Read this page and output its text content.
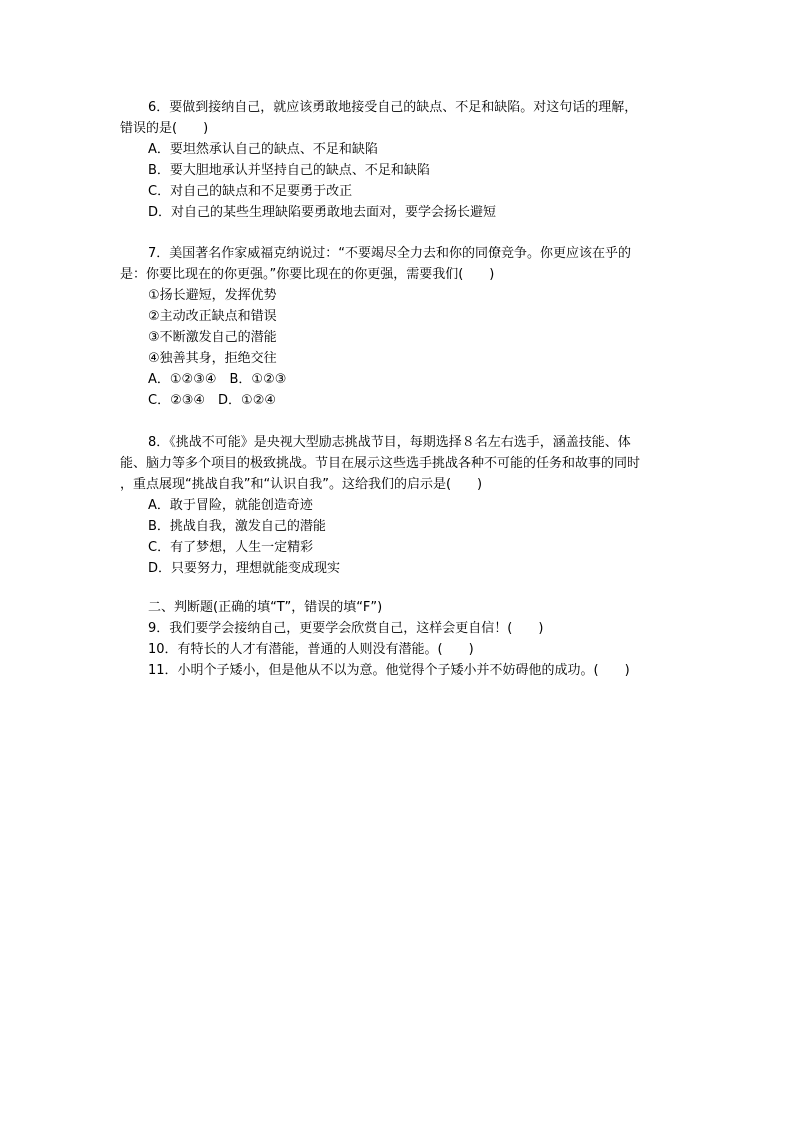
6．要做到接纳自己，就应该勇敢地接受自己的缺点、不足和缺陷。对这句话的理解，
错误的是(　　)
A．要坦然承认自己的缺点、不足和缺陷
B．要大胆地承认并坚持自己的缺点、不足和缺陷
C．对自己的缺点和不足要勇于改正
D．对自己的某些生理缺陷要勇敢地去面对，要学会扬长避短
7．美国著名作家威福克纳说过：“不要竭尽全力去和你的同僚竞争。你更应该在乎的
是：你要比现在的你更强。”你要比现在的你更强，需要我们(　　)
①扬长避短，发挥优势
②主动改正缺点和错误
③不断激发自己的潜能
④独善其身，拒绝交往
A．①②③④　B．①②③
C．②③④　D．①②④
8．《挑战不可能》是央视大型励志挑战节目，每期选择８名左右选手，涵盖技能、体
能、脑力等多个项目的极致挑战。节目在展示这些选手挑战各种不可能的任务和故事的同时
，重点展现“挑战自我”和“认识自我”。这给我们的启示是(　　)
A．敢于冒险，就能创造奇迹
B．挑战自我，激发自己的潜能
C．有了梦想，人生一定精彩
D．只要努力，理想就能变成现实
二、判断题(正确的填“T”，错误的填“F”)
9．我们要学会接纳自己，更要学会欣赏自己，这样会更自信！(　　)
10．有特长的人才有潜能，普通的人则没有潜能。(　　)
11．小明个子矮小，但是他从不以为意。他觉得个子矮小并不妨碍他的成功。(　　)
